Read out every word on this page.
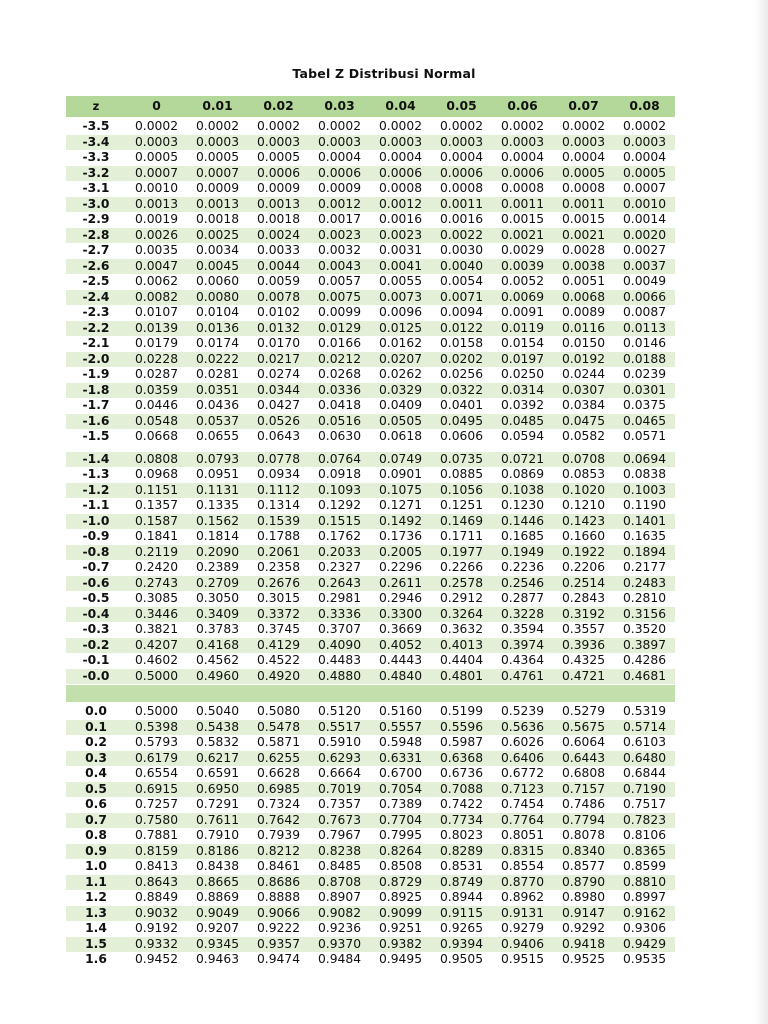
Tabel Z Distribusi Normal
z	0	0.01	0.02	0.03	0.04	0.05	0.06	0.07	0.08
-3.5	0.0002	0.0002	0.0002	0.0002	0.0002	0.0002	0.0002	0.0002	0.0002
-3.4	0.0003	0.0003	0.0003	0.0003	0.0003	0.0003	0.0003	0.0003	0.0003
-3.3	0.0005	0.0005	0.0005	0.0004	0.0004	0.0004	0.0004	0.0004	0.0004
-3.2	0.0007	0.0007	0.0006	0.0006	0.0006	0.0006	0.0006	0.0005	0.0005
-3.1	0.0010	0.0009	0.0009	0.0009	0.0008	0.0008	0.0008	0.0008	0.0007
-3.0	0.0013	0.0013	0.0013	0.0012	0.0012	0.0011	0.0011	0.0011	0.0010
-2.9	0.0019	0.0018	0.0018	0.0017	0.0016	0.0016	0.0015	0.0015	0.0014
-2.8	0.0026	0.0025	0.0024	0.0023	0.0023	0.0022	0.0021	0.0021	0.0020
-2.7	0.0035	0.0034	0.0033	0.0032	0.0031	0.0030	0.0029	0.0028	0.0027
-2.6	0.0047	0.0045	0.0044	0.0043	0.0041	0.0040	0.0039	0.0038	0.0037
-2.5	0.0062	0.0060	0.0059	0.0057	0.0055	0.0054	0.0052	0.0051	0.0049
-2.4	0.0082	0.0080	0.0078	0.0075	0.0073	0.0071	0.0069	0.0068	0.0066
-2.3	0.0107	0.0104	0.0102	0.0099	0.0096	0.0094	0.0091	0.0089	0.0087
-2.2	0.0139	0.0136	0.0132	0.0129	0.0125	0.0122	0.0119	0.0116	0.0113
-2.1	0.0179	0.0174	0.0170	0.0166	0.0162	0.0158	0.0154	0.0150	0.0146
-2.0	0.0228	0.0222	0.0217	0.0212	0.0207	0.0202	0.0197	0.0192	0.0188
-1.9	0.0287	0.0281	0.0274	0.0268	0.0262	0.0256	0.0250	0.0244	0.0239
-1.8	0.0359	0.0351	0.0344	0.0336	0.0329	0.0322	0.0314	0.0307	0.0301
-1.7	0.0446	0.0436	0.0427	0.0418	0.0409	0.0401	0.0392	0.0384	0.0375
-1.6	0.0548	0.0537	0.0526	0.0516	0.0505	0.0495	0.0485	0.0475	0.0465
-1.5	0.0668	0.0655	0.0643	0.0630	0.0618	0.0606	0.0594	0.0582	0.0571
-1.4	0.0808	0.0793	0.0778	0.0764	0.0749	0.0735	0.0721	0.0708	0.0694
-1.3	0.0968	0.0951	0.0934	0.0918	0.0901	0.0885	0.0869	0.0853	0.0838
-1.2	0.1151	0.1131	0.1112	0.1093	0.1075	0.1056	0.1038	0.1020	0.1003
-1.1	0.1357	0.1335	0.1314	0.1292	0.1271	0.1251	0.1230	0.1210	0.1190
-1.0	0.1587	0.1562	0.1539	0.1515	0.1492	0.1469	0.1446	0.1423	0.1401
-0.9	0.1841	0.1814	0.1788	0.1762	0.1736	0.1711	0.1685	0.1660	0.1635
-0.8	0.2119	0.2090	0.2061	0.2033	0.2005	0.1977	0.1949	0.1922	0.1894
-0.7	0.2420	0.2389	0.2358	0.2327	0.2296	0.2266	0.2236	0.2206	0.2177
-0.6	0.2743	0.2709	0.2676	0.2643	0.2611	0.2578	0.2546	0.2514	0.2483
-0.5	0.3085	0.3050	0.3015	0.2981	0.2946	0.2912	0.2877	0.2843	0.2810
-0.4	0.3446	0.3409	0.3372	0.3336	0.3300	0.3264	0.3228	0.3192	0.3156
-0.3	0.3821	0.3783	0.3745	0.3707	0.3669	0.3632	0.3594	0.3557	0.3520
-0.2	0.4207	0.4168	0.4129	0.4090	0.4052	0.4013	0.3974	0.3936	0.3897
-0.1	0.4602	0.4562	0.4522	0.4483	0.4443	0.4404	0.4364	0.4325	0.4286
-0.0	0.5000	0.4960	0.4920	0.4880	0.4840	0.4801	0.4761	0.4721	0.4681
0.0	0.5000	0.5040	0.5080	0.5120	0.5160	0.5199	0.5239	0.5279	0.5319
0.1	0.5398	0.5438	0.5478	0.5517	0.5557	0.5596	0.5636	0.5675	0.5714
0.2	0.5793	0.5832	0.5871	0.5910	0.5948	0.5987	0.6026	0.6064	0.6103
0.3	0.6179	0.6217	0.6255	0.6293	0.6331	0.6368	0.6406	0.6443	0.6480
0.4	0.6554	0.6591	0.6628	0.6664	0.6700	0.6736	0.6772	0.6808	0.6844
0.5	0.6915	0.6950	0.6985	0.7019	0.7054	0.7088	0.7123	0.7157	0.7190
0.6	0.7257	0.7291	0.7324	0.7357	0.7389	0.7422	0.7454	0.7486	0.7517
0.7	0.7580	0.7611	0.7642	0.7673	0.7704	0.7734	0.7764	0.7794	0.7823
0.8	0.7881	0.7910	0.7939	0.7967	0.7995	0.8023	0.8051	0.8078	0.8106
0.9	0.8159	0.8186	0.8212	0.8238	0.8264	0.8289	0.8315	0.8340	0.8365
1.0	0.8413	0.8438	0.8461	0.8485	0.8508	0.8531	0.8554	0.8577	0.8599
1.1	0.8643	0.8665	0.8686	0.8708	0.8729	0.8749	0.8770	0.8790	0.8810
1.2	0.8849	0.8869	0.8888	0.8907	0.8925	0.8944	0.8962	0.8980	0.8997
1.3	0.9032	0.9049	0.9066	0.9082	0.9099	0.9115	0.9131	0.9147	0.9162
1.4	0.9192	0.9207	0.9222	0.9236	0.9251	0.9265	0.9279	0.9292	0.9306
1.5	0.9332	0.9345	0.9357	0.9370	0.9382	0.9394	0.9406	0.9418	0.9429
1.6	0.9452	0.9463	0.9474	0.9484	0.9495	0.9505	0.9515	0.9525	0.9535
